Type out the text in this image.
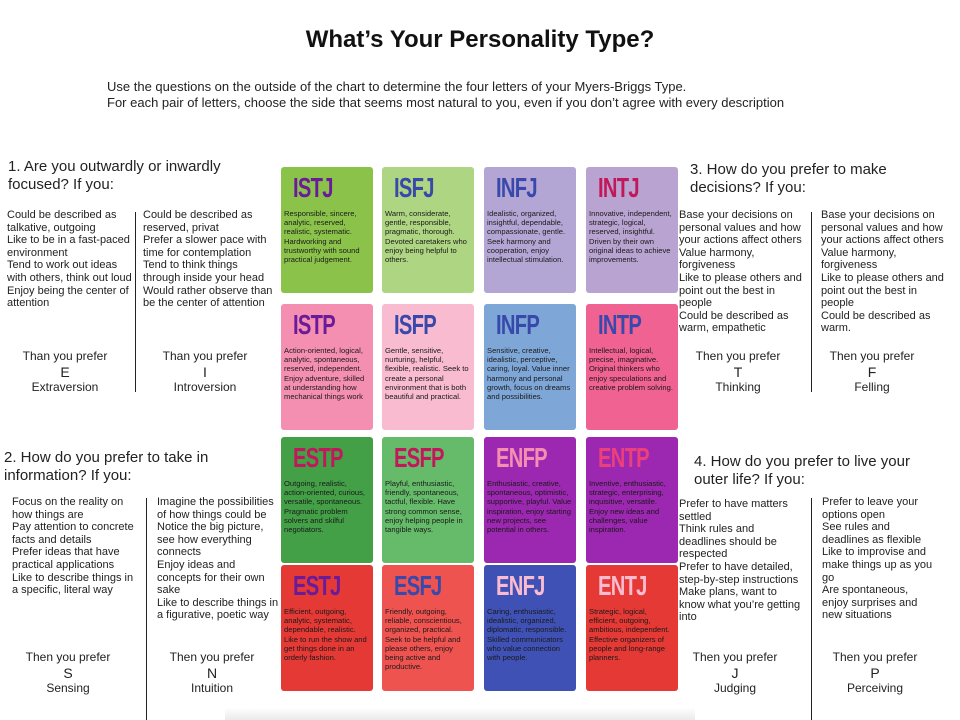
What’s Your Personality Type?
Use the questions on the outside of the chart to determine the four letters of your Myers-Briggs Type.
For each pair of letters, choose the side that seems most natural to you, even if you don’t agree with every description
1. Are you outwardly or inwardly focused? If you:
Could be described as talkative, outgoing
Like to be in a fast-paced environment
Tend to work out ideas with others, think out loud
Enjoy being the center of attention
Could be described as reserved, privat
Prefer a slower pace with time for contemplation
Tend to think things through inside your head
Would rather observe than be the center of attention
Than you prefer
E
Extraversion
Than you prefer
I
Introversion
2. How do you prefer to take in information? If you:
Focus on the reality on how things are
Pay attention to concrete facts and details
Prefer ideas that have practical applications
Like to describe things in a specific, literal way
Imagine the possibilities of how things could be
Notice the big picture, see how everything connects
Enjoy ideas and concepts for their own sake
Like to describe things in a figurative, poetic way
Then you prefer
S
Sensing
Then you prefer
N
Intuition
3. How do you prefer to make decisions? If you:
Base your decisions on personal values and how your actions affect others
Value harmony, forgiveness
Like to please others and point out the best in people
Could be described as warm, empathetic
Base your decisions on personal values and how your actions affect others
Value harmony, forgiveness
Like to please others and point out the best in people
Could be described as warm.
Then you prefer
T
Thinking
Then you prefer
F
Felling
4. How do you prefer to live your outer life? If you:
Prefer to have matters settled
Think rules and deadlines should be respected
Prefer to have detailed, step-by-step instructions
Make plans, want to know what you’re getting into
Prefer to leave your options open
See rules and deadlines as flexible
Like to improvise and make things up as you go
Are spontaneous, enjoy surprises and new situations
Then you prefer
J
Judging
Then you prefer
P
Perceiving
ISTJ
Responsible, sincere, analytic, reserved, realistic, systematic. Hardworking and trustworthy with sound practical judgement.
ISFJ
Warm, considerate, gentle, responsible, pragmatic, thorough. Devoted caretakers who enjoy being helpful to others.
INFJ
Idealistic, organized, insightful, dependable, compassionate, gentle. Seek harmony and cooperation, enjoy intellectual stimulation.
INTJ
Innovative, independent, strategic, logical, reserved, insightful. Driven by their own original ideas to achieve improvements.
ISTP
Action-oriented, logical, analytic, spontaneous, reserved, independent. Enjoy adventure, skilled at understanding how mechanical things work
ISFP
Gentle, sensitive, nurturing, helpful, flexible, realistic. Seek to create a personal environment that is both beautiful and practical.
INFP
Sensitive, creative, idealistic, perceptive, caring, loyal. Value inner harmony and personal growth, focus on dreams and possibilities.
INTP
Intellectual, logical, precise, imaginative. Original thinkers who enjoy speculations and creative problem solving.
ESTP
Outgoing, realistic, action-oriented, curious, versatile, spontaneous. Pragmatic problem solvers and skilful negotiators.
ESFP
Playful, enthusiastic, friendly, spontaneous, tactful, flexible. Have strong common sense, enjoy helping people in tangible ways.
ENFP
Enthusiastic, creative, spontaneous, optimistic, supportive, playful. Value inspiration, enjoy starting new projects, see potential in others.
ENTP
Inventive, enthusiastic, strategic, enterprising, inquisitive, versatile. Enjoy new ideas and challenges, value inspiration.
ESTJ
Efficient, outgoing, analytic, systematic, dependable, realistic. Like to run the show and get things done in an orderly fashion.
ESFJ
Friendly, outgoing, reliable, conscientious, organized, practical. Seek to be helpful and please others, enjoy being active and productive.
ENFJ
Caring, enthusiastic, idealistic, organized, diplomatic, responsible. Skilled communicators who value connection with people.
ENTJ
Strategic, logical, efficient, outgoing, ambitious, independent. Effective organizers of people and long-range planners.
